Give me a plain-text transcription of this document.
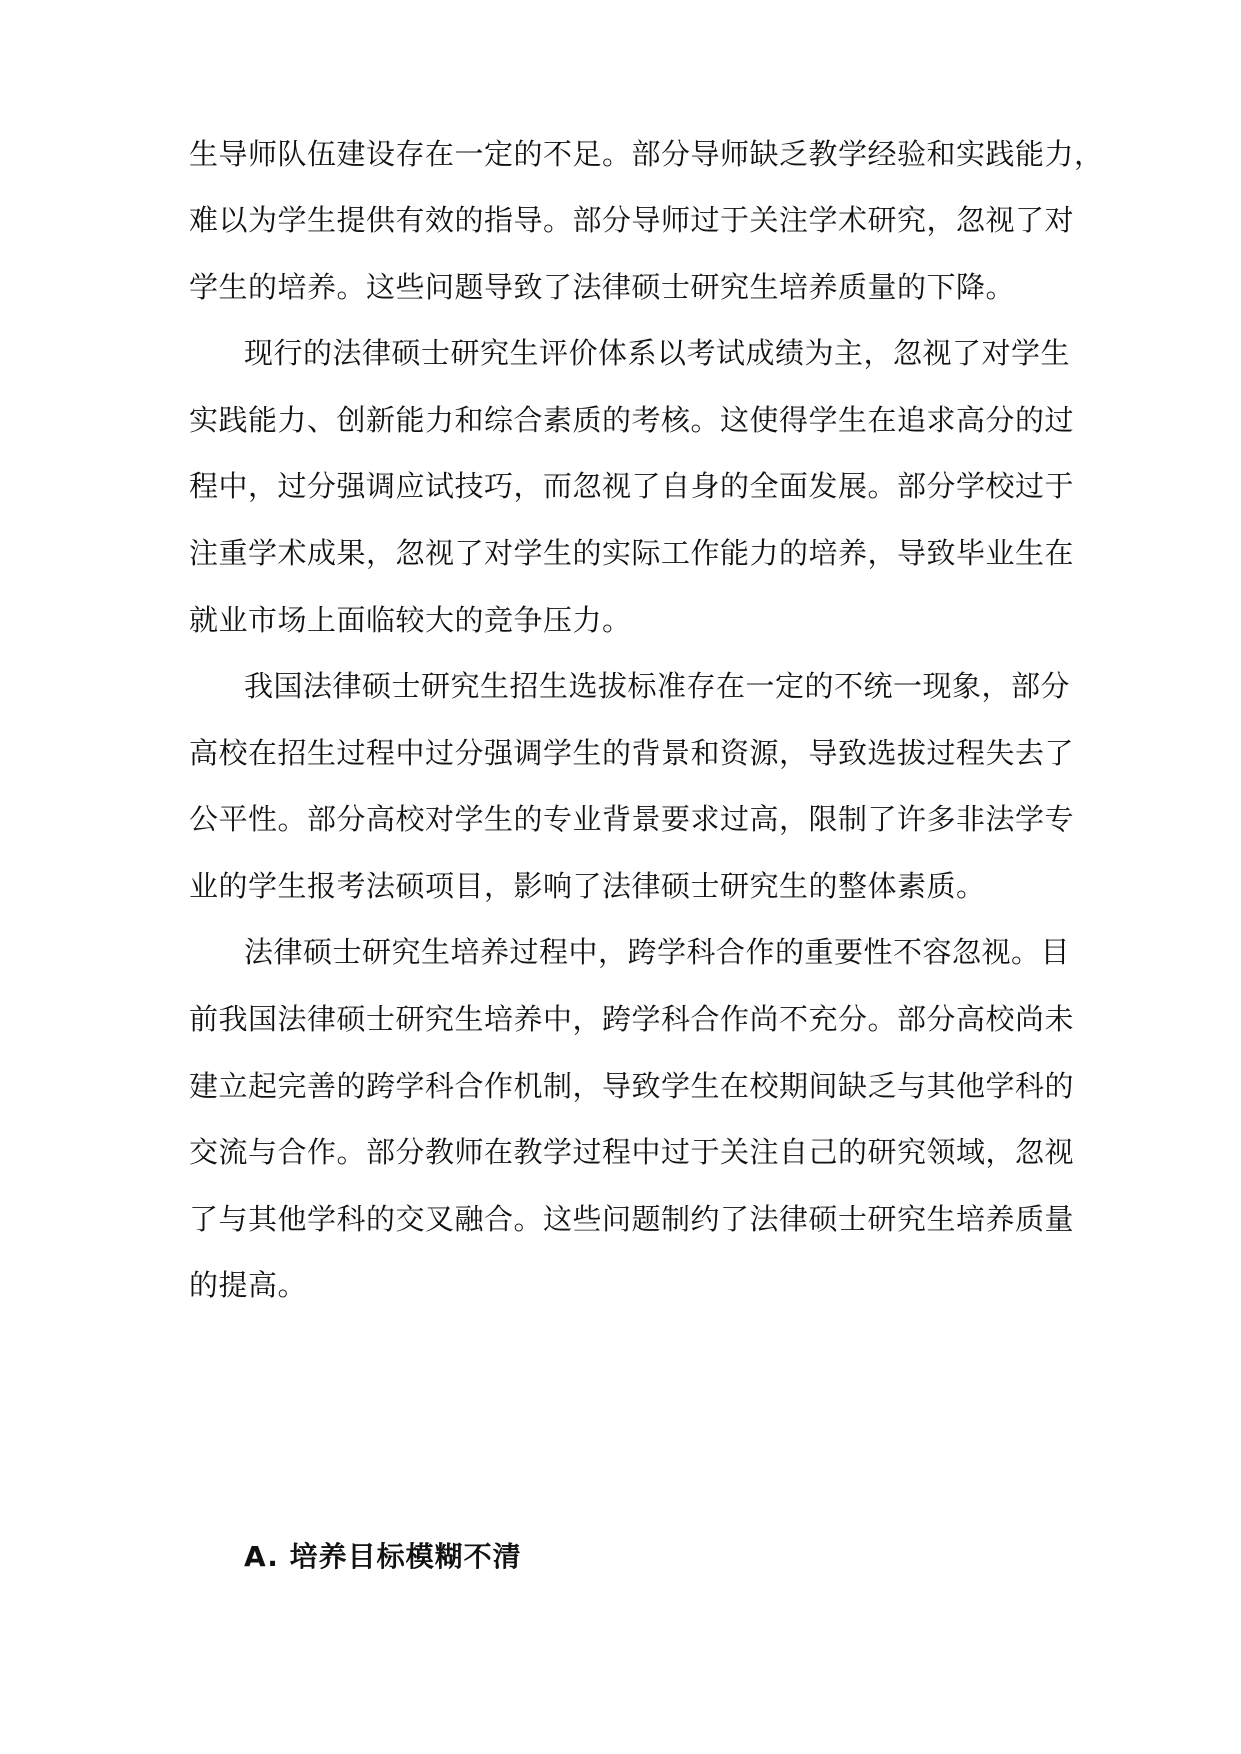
生导师队伍建设存在一定的不足。部分导师缺乏教学经验和实践能力，
难以为学生提供有效的指导。部分导师过于关注学术研究，忽视了对
学生的培养。这些问题导致了法律硕士研究生培养质量的下降。
现行的法律硕士研究生评价体系以考试成绩为主，忽视了对学生
实践能力、创新能力和综合素质的考核。这使得学生在追求高分的过
程中，过分强调应试技巧，而忽视了自身的全面发展。部分学校过于
注重学术成果，忽视了对学生的实际工作能力的培养，导致毕业生在
就业市场上面临较大的竞争压力。
我国法律硕士研究生招生选拔标准存在一定的不统一现象，部分
高校在招生过程中过分强调学生的背景和资源，导致选拔过程失去了
公平性。部分高校对学生的专业背景要求过高，限制了许多非法学专
业的学生报考法硕项目，影响了法律硕士研究生的整体素质。
法律硕士研究生培养过程中，跨学科合作的重要性不容忽视。目
前我国法律硕士研究生培养中，跨学科合作尚不充分。部分高校尚未
建立起完善的跨学科合作机制，导致学生在校期间缺乏与其他学科的
交流与合作。部分教师在教学过程中过于关注自己的研究领域，忽视
了与其他学科的交叉融合。这些问题制约了法律硕士研究生培养质量
的提高。
A. 培养目标模糊不清
